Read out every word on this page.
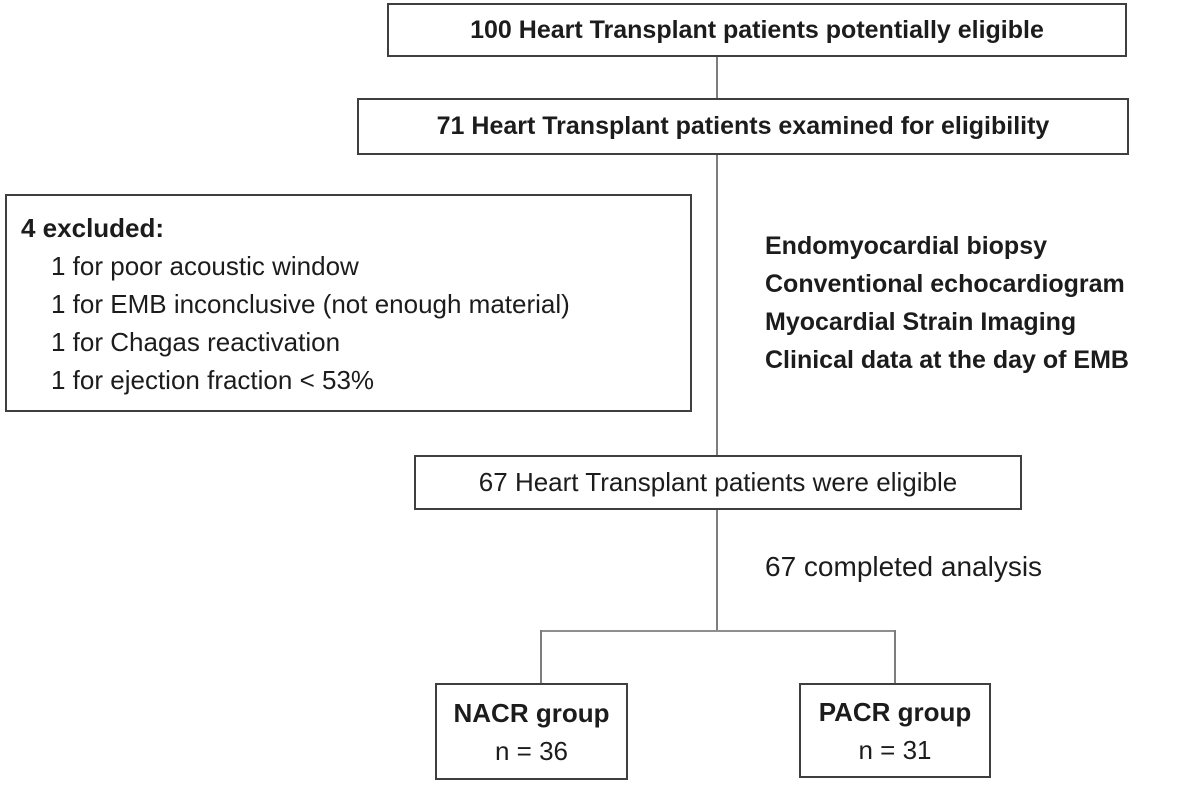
100 Heart Transplant patients potentially eligible
71 Heart Transplant patients examined for eligibility
4 excluded:
1 for poor acoustic window
1 for EMB inconclusive (not enough material)
1 for Chagas reactivation
1 for ejection fraction < 53%
Endomyocardial biopsy
Conventional echocardiogram
Myocardial Strain Imaging
Clinical data at the day of EMB
67 Heart Transplant patients were eligible
67 completed analysis
NACR group
n = 36
PACR group
n = 31
